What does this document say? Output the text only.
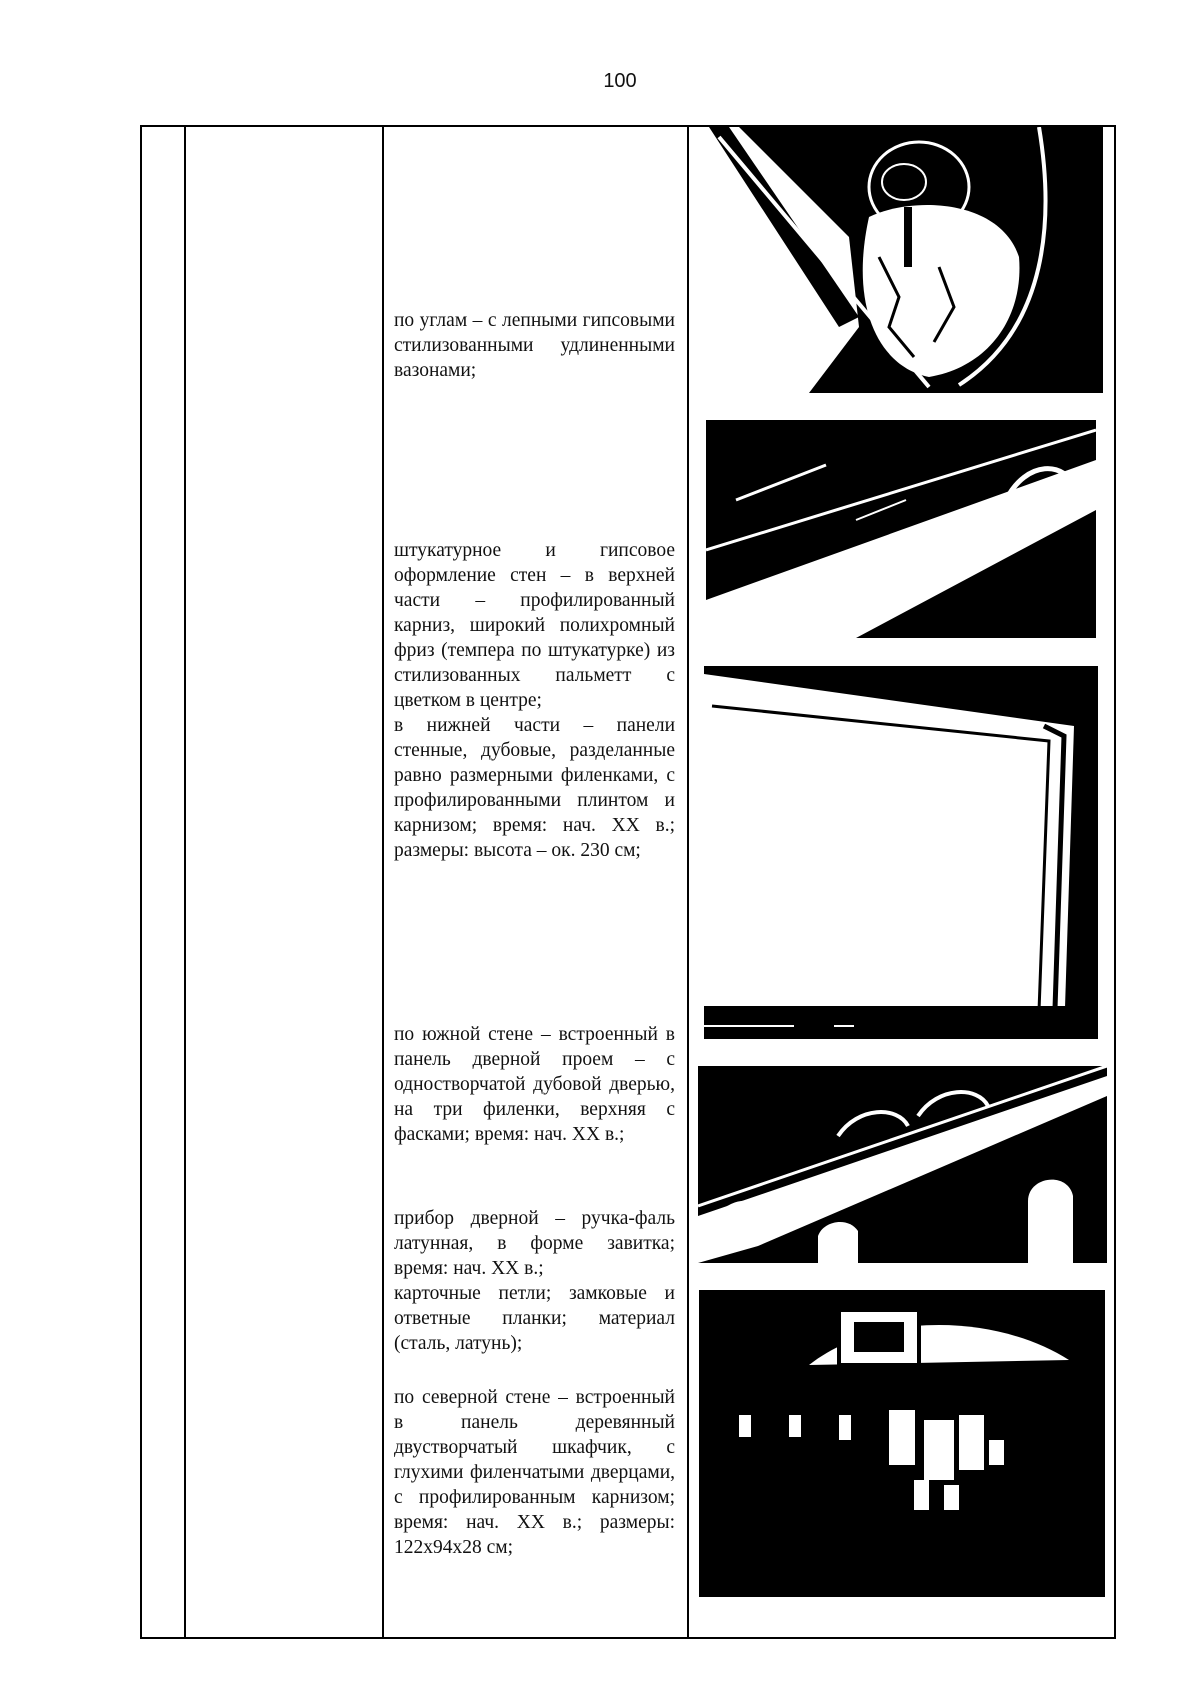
100

по углам – с лепными гипсовыми стилизованными удлиненными вазонами;

штукатурное и гипсовое оформление стен – в верхней части – профилированный карниз, широкий полихромный фриз (темпера по штукатурке) из стилизованных пальметт с цветком в центре;

в нижней части – панели стенные, дубовые, разделанные равно размерными филенками, с профилированными плинтом и карнизом; время: нач. XX в.; размеры: высота – ок. 230 см;

по южной стене – встроенный в панель дверной проем – с одностворчатой дубовой дверью, на три филенки, верхняя с фасками; время: нач. XX в.;

прибор дверной – ручка-фаль латунная, в форме завитка; время: нач. XX в.;

карточные петли; замковые и ответные планки; материал (сталь, латунь);

по северной стене – встроенный в панель деревянный двустворчатый шкафчик, с глухими филенчатыми дверцами, с профилированным карнизом; время: нач. XX в.; размеры: 122х94х28 см;
